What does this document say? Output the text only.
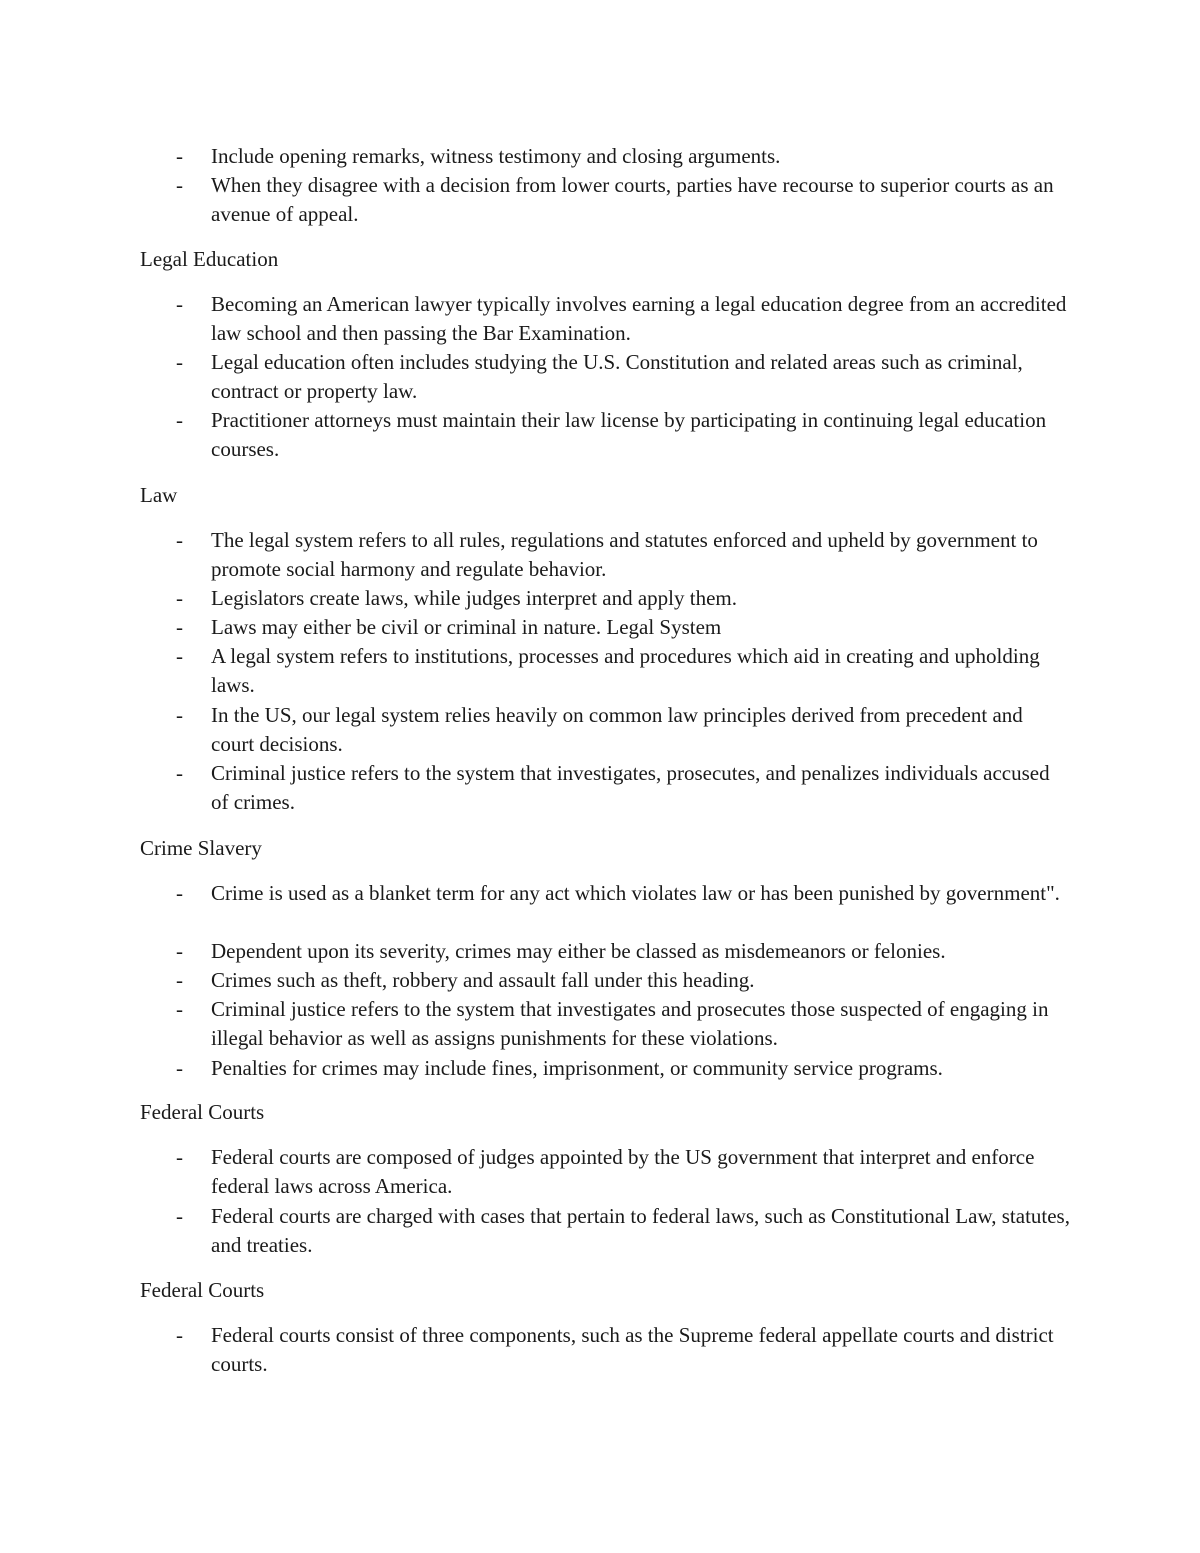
- Include opening remarks, witness testimony and closing arguments.
- When they disagree with a decision from lower courts, parties have recourse to superior courts as an avenue of appeal.
Legal Education
- Becoming an American lawyer typically involves earning a legal education degree from an accredited law school and then passing the Bar Examination.
- Legal education often includes studying the U.S. Constitution and related areas such as criminal, contract or property law.
- Practitioner attorneys must maintain their law license by participating in continuing legal education courses.
Law
- The legal system refers to all rules, regulations and statutes enforced and upheld by government to promote social harmony and regulate behavior.
- Legislators create laws, while judges interpret and apply them.
- Laws may either be civil or criminal in nature. Legal System
- A legal system refers to institutions, processes and procedures which aid in creating and upholding laws.
- In the US, our legal system relies heavily on common law principles derived from precedent and court decisions.
- Criminal justice refers to the system that investigates, prosecutes, and penalizes individuals accused of crimes.
Crime Slavery
- Crime is used as a blanket term for any act which violates law or has been punished by government".
- Dependent upon its severity, crimes may either be classed as misdemeanors or felonies.
- Crimes such as theft, robbery and assault fall under this heading.
- Criminal justice refers to the system that investigates and prosecutes those suspected of engaging in illegal behavior as well as assigns punishments for these violations.
- Penalties for crimes may include fines, imprisonment, or community service programs.
Federal Courts
- Federal courts are composed of judges appointed by the US government that interpret and enforce federal laws across America.
- Federal courts are charged with cases that pertain to federal laws, such as Constitutional Law, statutes, and treaties.
Federal Courts
- Federal courts consist of three components, such as the Supreme federal appellate courts and district courts.
